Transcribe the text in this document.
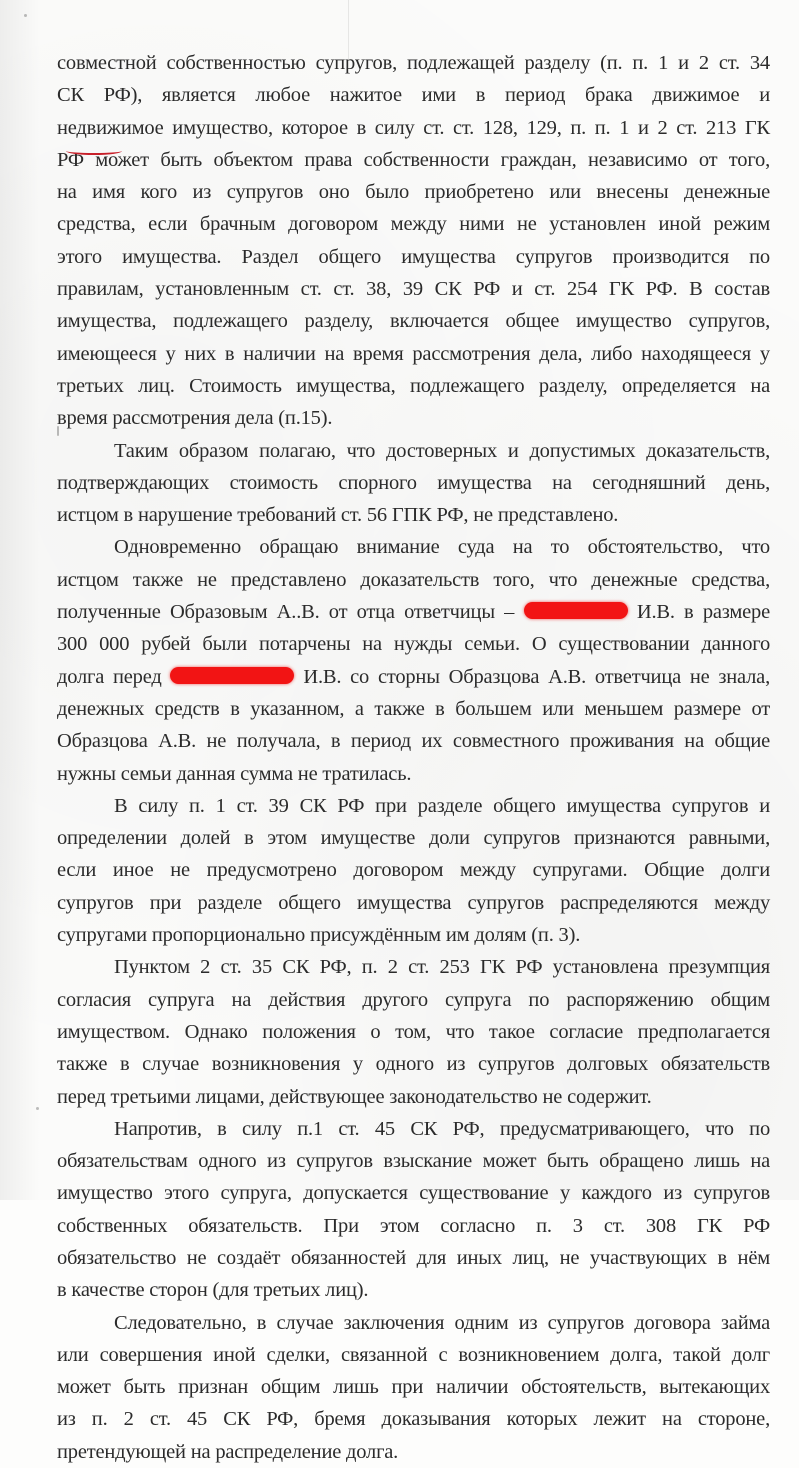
совместной собственностью супругов, подлежащей разделу (п. п. 1 и 2 ст. 34
СК РФ), является любое нажитое ими в период брака движимое и
недвижимое имущество, которое в силу ст. ст. 128, 129, п. п. 1 и 2 ст. 213 ГК
РФ может быть объектом права собственности граждан, независимо от того,
на имя кого из супругов оно было приобретено или внесены денежные
средства, если брачным договором между ними не установлен иной режим
этого имущества. Раздел общего имущества супругов производится по
правилам, установленным ст. ст. 38, 39 СК РФ и ст. 254 ГК РФ. В состав
имущества, подлежащего разделу, включается общее имущество супругов,
имеющееся у них в наличии на время рассмотрения дела, либо находящееся у
третьих лиц. Стоимость имущества, подлежащего разделу, определяется на
время рассмотрения дела (п.15).
Таким образом полагаю, что достоверных и допустимых доказательств,
подтверждающих стоимость спорного имущества на сегодняшний день,
истцом в нарушение требований ст. 56 ГПК РФ, не представлено.
Одновременно обращаю внимание суда на то обстоятельство, что
истцом также не представлено доказательств того, что денежные средства,
полученные Образовым А..В. от отца ответчицы –	И.В. в размере
300 000 рубей были потарчены на нужды семьи. О существовании данного
долга перед	И.В. со сторны Образцова А.В. ответчица не знала,
денежных средств в указанном, а также в большем или меньшем размере от
Образцова А.В. не получала, в период их совместного проживания на общие
нужны семьи данная сумма не тратилась.
В силу п. 1 ст. 39 СК РФ при разделе общего имущества супругов и
определении долей в этом имуществе доли супругов признаются равными,
если иное не предусмотрено договором между супругами. Общие долги
супругов при разделе общего имущества супругов распределяются между
супругами пропорционально присуждённым им долям (п. 3).
Пунктом 2 ст. 35 СК РФ, п. 2 ст. 253 ГК РФ установлена презумпция
согласия супруга на действия другого супруга по распоряжению общим
имуществом. Однако положения о том, что такое согласие предполагается
также в случае возникновения у одного из супругов долговых обязательств
перед третьими лицами, действующее законодательство не содержит.
Напротив, в силу п.1 ст. 45 СК РФ, предусматривающего, что по
обязательствам одного из супругов взыскание может быть обращено лишь на
имущество этого супруга, допускается существование у каждого из супругов
собственных обязательств. При этом согласно п. 3 ст. 308 ГК РФ
обязательство не создаёт обязанностей для иных лиц, не участвующих в нём
в качестве сторон (для третьих лиц).
Следовательно, в случае заключения одним из супругов договора займа
или совершения иной сделки, связанной с возникновением долга, такой долг
может быть признан общим лишь при наличии обстоятельств, вытекающих
из п. 2 ст. 45 СК РФ, бремя доказывания которых лежит на стороне,
претендующей на распределение долга.
